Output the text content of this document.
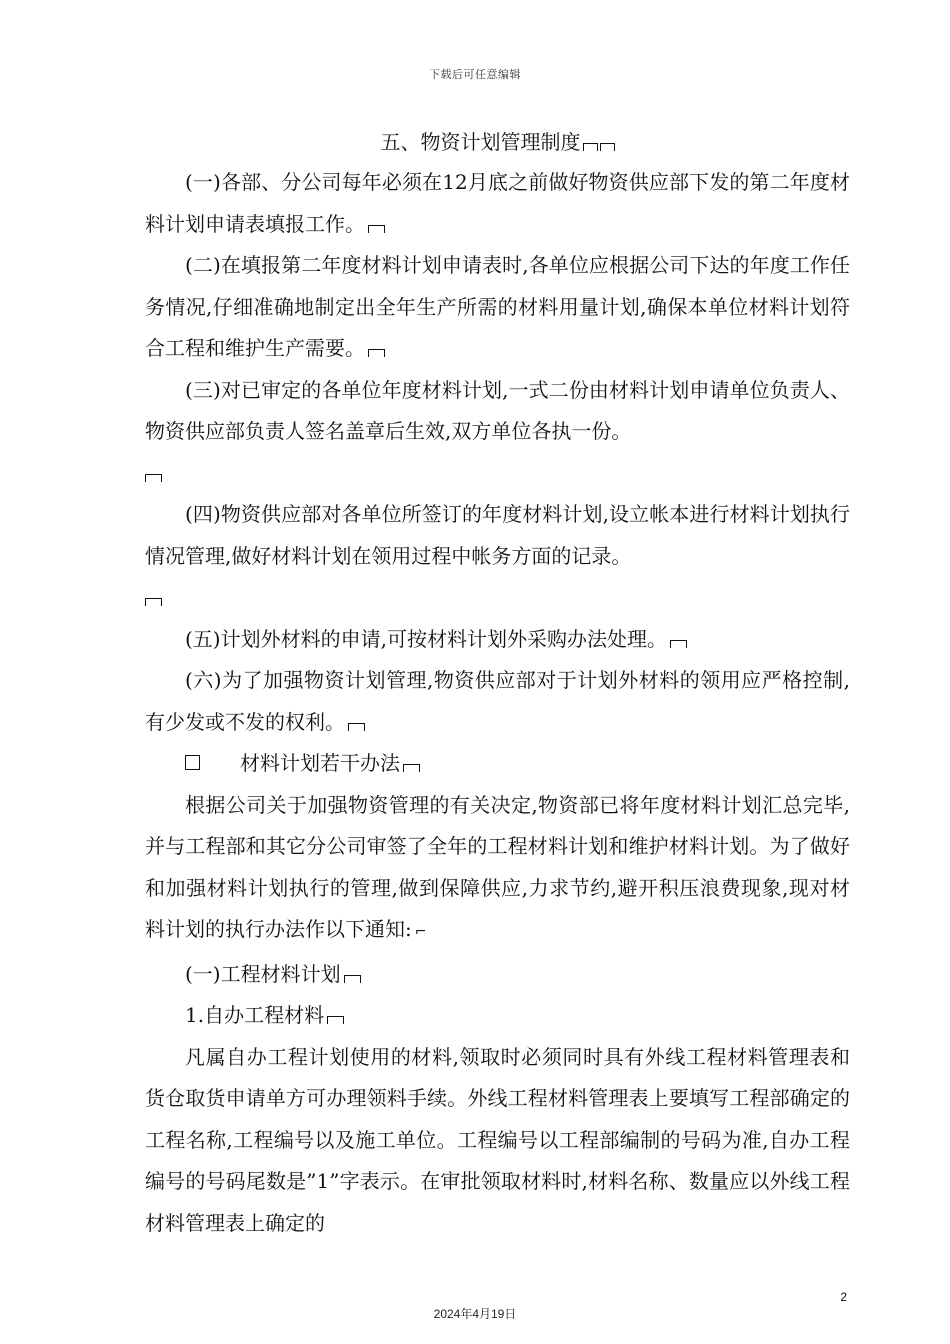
下载后可任意编辑
五、物资计划管理制度

(一)各部、分公司每年必须在12月底之前做好物资供应部下发的第二年度材料计划申请表填报工作。

(二)在填报第二年度材料计划申请表时,各单位应根据公司下达的年度工作任务情况,仔细准确地制定出全年生产所需的材料用量计划,确保本单位材料计划符合工程和维护生产需要。

(三)对已审定的各单位年度材料计划,一式二份由材料计划申请单位负责人、物资供应部负责人签名盖章后生效,双方单位各执一份。

(四)物资供应部对各单位所签订的年度材料计划,设立帐本进行材料计划执行情况管理,做好材料计划在领用过程中帐务方面的记录。

(五)计划外材料的申请,可按材料计划外采购办法处理。

(六)为了加强物资计划管理,物资供应部对于计划外材料的领用应严格控制,有少发或不发的权利。

材料计划若干办法

根据公司关于加强物资管理的有关决定,物资部已将年度材料计划汇总完毕,并与工程部和其它分公司审签了全年的工程材料计划和维护材料计划。为了做好和加强材料计划执行的管理,做到保障供应,力求节约,避开积压浪费现象,现对材料计划的执行办法作以下通知: ⌐

(一)工程材料计划

1.自办工程材料

凡属自办工程计划使用的材料,领取时必须同时具有外线工程材料管理表和货仓取货申请单方可办理领料手续。外线工程材料管理表上要填写工程部确定的工程名称,工程编号以及施工单位。工程编号以工程部编制的号码为准,自办工程编号的号码尾数是”1”字表示。在审批领取材料时,材料名称、数量应以外线工程材料管理表上确定的

2
2024年4月19日
